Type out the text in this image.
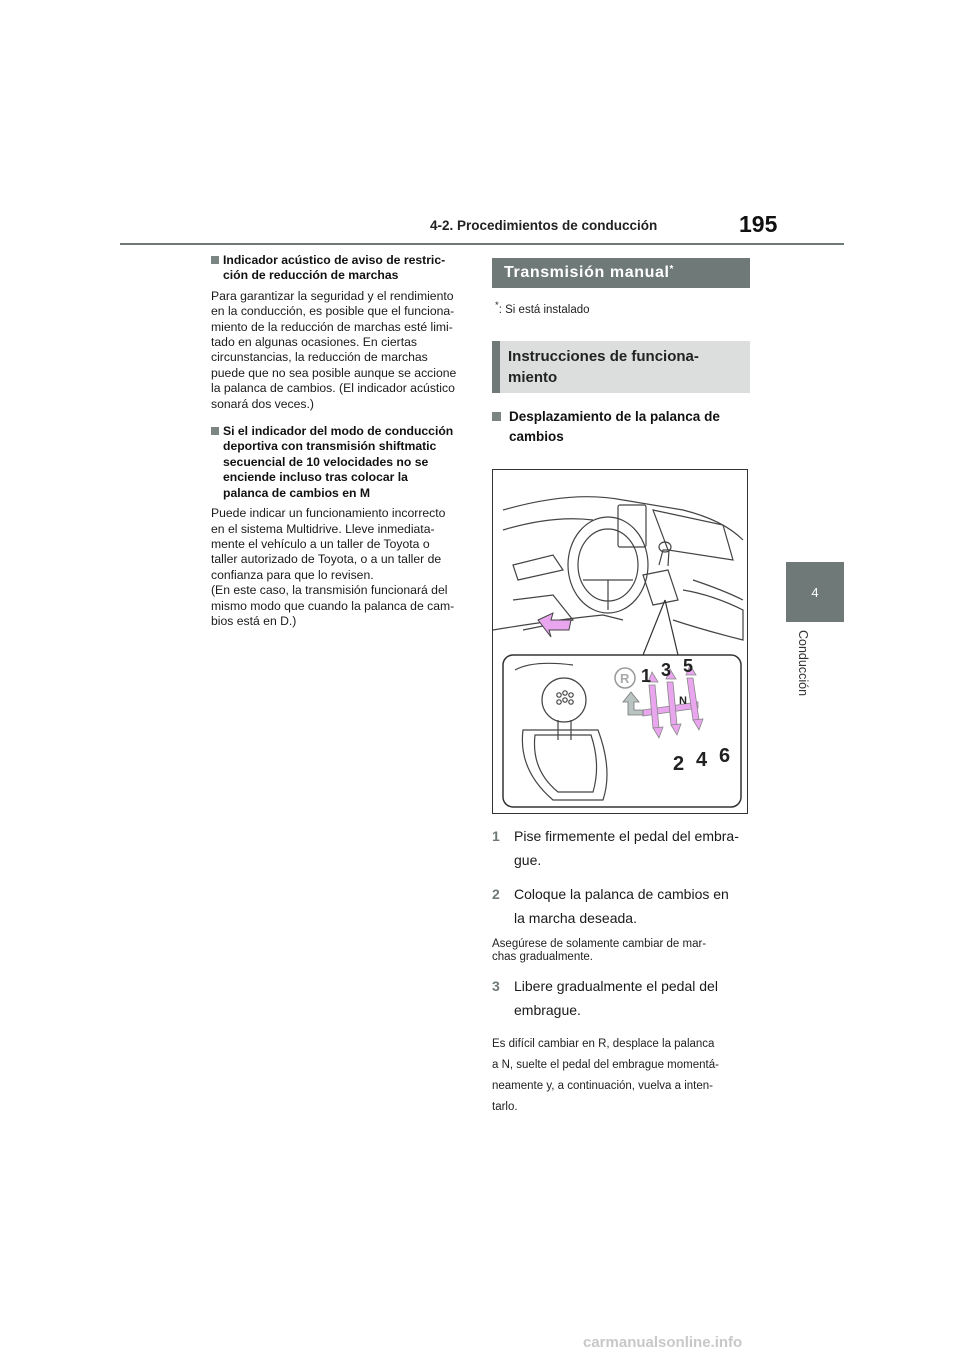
4-2. Procedimientos de conducción	195
4
Conducción
Indicador acústico de aviso de restric-
ción de reducción de marchas

Para garantizar la seguridad y el rendimiento
en la conducción, es posible que el funciona-
miento de la reducción de marchas esté limi-
tado en algunas ocasiones. En ciertas
circunstancias, la reducción de marchas
puede que no sea posible aunque se accione
la palanca de cambios. (El indicador acústico
sonará dos veces.)

Si el indicador del modo de conducción
deportiva con transmisión shiftmatic
secuencial de 10 velocidades no se
enciende incluso tras colocar la
palanca de cambios en M

Puede indicar un funcionamiento incorrecto
en el sistema Multidrive. Lleve inmediata-
mente el vehículo a un taller de Toyota o
taller autorizado de Toyota, o a un taller de
confianza para que lo revisen.
(En este caso, la transmisión funcionará del
mismo modo que cuando la palanca de cam-
bios está en D.)

Transmisión manual*
*: Si está instalado
Instrucciones de funciona-
miento
Desplazamiento de la palanca de
cambios
R 1 3 5
N
2 4 6
1	Pise firmemente el pedal del embra-
gue.
2	Coloque la palanca de cambios en
la marcha deseada.

Asegúrese de solamente cambiar de mar-
chas gradualmente.

3	Libere gradualmente el pedal del
embrague.

Es difícil cambiar en R, desplace la palanca
a N, suelte el pedal del embrague momentá-
neamente y, a continuación, vuelva a inten-
tarlo.

carmanualsonline.info
